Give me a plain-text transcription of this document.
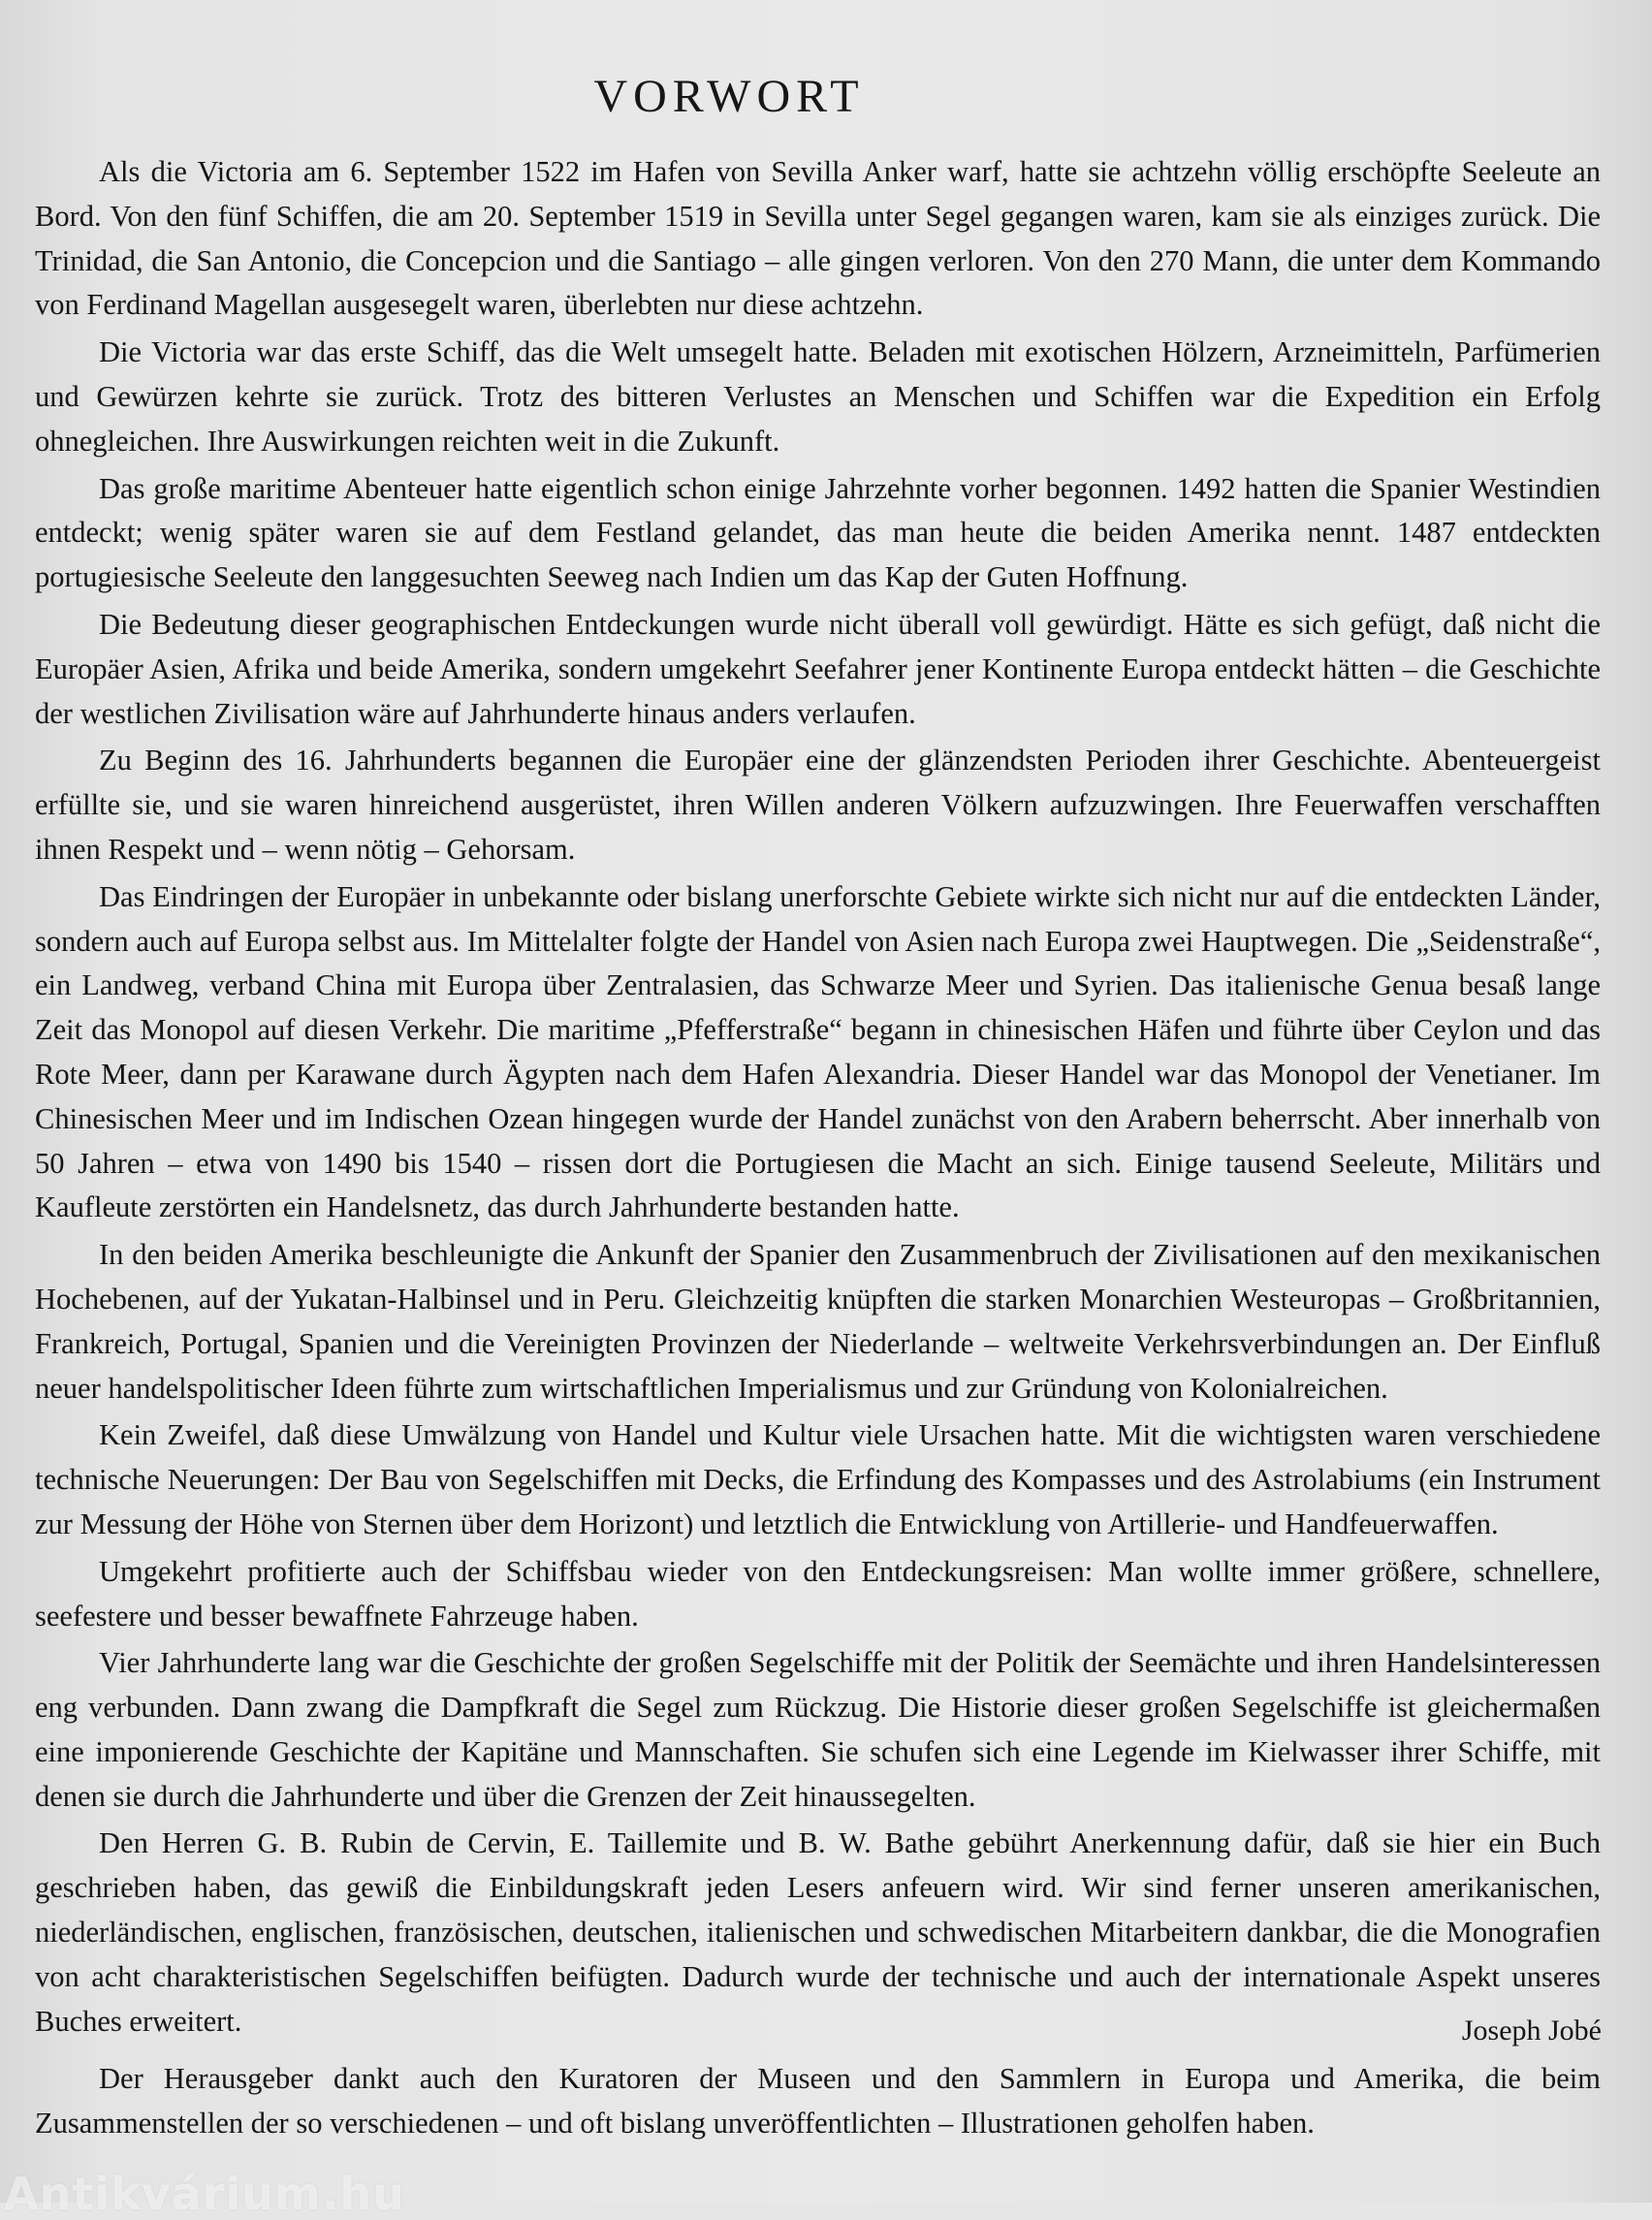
VORWORT

Als die Victoria am 6. September 1522 im Hafen von Sevilla Anker warf, hatte sie achtzehn völlig erschöpfte Seeleute an Bord. Von den fünf Schiffen, die am 20. September 1519 in Sevilla unter Segel gegangen waren, kam sie als einziges zurück. Die Trinidad, die San Antonio, die Concepcion und die Santiago – alle gingen verloren. Von den 270 Mann, die unter dem Kommando von Ferdinand Magellan ausgesegelt waren, überlebten nur diese achtzehn.

Die Victoria war das erste Schiff, das die Welt umsegelt hatte. Beladen mit exotischen Hölzern, Arzneimitteln, Parfümerien und Gewürzen kehrte sie zurück. Trotz des bitteren Verlustes an Menschen und Schiffen war die Expedition ein Erfolg ohnegleichen. Ihre Auswirkungen reichten weit in die Zukunft.

Das große maritime Abenteuer hatte eigentlich schon einige Jahrzehnte vorher begonnen. 1492 hatten die Spanier Westindien entdeckt; wenig später waren sie auf dem Festland gelandet, das man heute die beiden Amerika nennt. 1487 entdeckten portugiesische Seeleute den langgesuchten Seeweg nach Indien um das Kap der Guten Hoffnung.

Die Bedeutung dieser geographischen Entdeckungen wurde nicht überall voll gewürdigt. Hätte es sich gefügt, daß nicht die Europäer Asien, Afrika und beide Amerika, sondern umgekehrt Seefahrer jener Kontinente Europa entdeckt hätten – die Geschichte der westlichen Zivilisation wäre auf Jahrhunderte hinaus anders verlaufen.

Zu Beginn des 16. Jahrhunderts begannen die Europäer eine der glänzendsten Perioden ihrer Geschichte. Abenteuergeist erfüllte sie, und sie waren hinreichend ausgerüstet, ihren Willen anderen Völkern aufzuzwingen. Ihre Feuerwaffen verschafften ihnen Respekt und – wenn nötig – Gehorsam.

Das Eindringen der Europäer in unbekannte oder bislang unerforschte Gebiete wirkte sich nicht nur auf die entdeckten Länder, sondern auch auf Europa selbst aus. Im Mittelalter folgte der Handel von Asien nach Europa zwei Hauptwegen. Die „Seidenstraße“, ein Landweg, verband China mit Europa über Zentralasien, das Schwarze Meer und Syrien. Das italienische Genua besaß lange Zeit das Monopol auf diesen Verkehr. Die maritime „Pfefferstraße“ begann in chinesischen Häfen und führte über Ceylon und das Rote Meer, dann per Karawane durch Ägypten nach dem Hafen Alexandria. Dieser Handel war das Monopol der Venetianer. Im Chinesischen Meer und im Indischen Ozean hingegen wurde der Handel zunächst von den Arabern beherrscht. Aber innerhalb von 50 Jahren – etwa von 1490 bis 1540 – rissen dort die Portugiesen die Macht an sich. Einige tausend Seeleute, Militärs und Kaufleute zerstörten ein Handelsnetz, das durch Jahrhunderte bestanden hatte.

In den beiden Amerika beschleunigte die Ankunft der Spanier den Zusammenbruch der Zivilisationen auf den mexikanischen Hochebenen, auf der Yukatan-Halbinsel und in Peru. Gleichzeitig knüpften die starken Monarchien Westeuropas – Großbritannien, Frankreich, Portugal, Spanien und die Vereinigten Provinzen der Niederlande – weltweite Verkehrsverbindungen an. Der Einfluß neuer handelspolitischer Ideen führte zum wirtschaftlichen Imperialismus und zur Gründung von Kolonialreichen.

Kein Zweifel, daß diese Umwälzung von Handel und Kultur viele Ursachen hatte. Mit die wichtigsten waren verschiedene technische Neuerungen: Der Bau von Segelschiffen mit Decks, die Erfindung des Kompasses und des Astrolabiums (ein Instrument zur Messung der Höhe von Sternen über dem Horizont) und letztlich die Entwicklung von Artillerie- und Handfeuerwaffen.

Umgekehrt profitierte auch der Schiffsbau wieder von den Entdeckungsreisen: Man wollte immer größere, schnellere, seefestere und besser bewaffnete Fahrzeuge haben.

Vier Jahrhunderte lang war die Geschichte der großen Segelschiffe mit der Politik der Seemächte und ihren Handelsinteressen eng verbunden. Dann zwang die Dampfkraft die Segel zum Rückzug. Die Historie dieser großen Segelschiffe ist gleichermaßen eine imponierende Geschichte der Kapitäne und Mannschaften. Sie schufen sich eine Legende im Kielwasser ihrer Schiffe, mit denen sie durch die Jahrhunderte und über die Grenzen der Zeit hinaussegelten.

Den Herren G. B. Rubin de Cervin, E. Taillemite und B. W. Bathe gebührt Anerkennung dafür, daß sie hier ein Buch geschrieben haben, das gewiß die Einbildungskraft jeden Lesers anfeuern wird. Wir sind ferner unseren amerikanischen, niederländischen, englischen, französischen, deutschen, italienischen und schwedischen Mitarbeitern dankbar, die die Monografien von acht charakteristischen Segelschiffen beifügten. Dadurch wurde der technische und auch der internationale Aspekt unseres Buches erweitert.

Der Herausgeber dankt auch den Kuratoren der Museen und den Sammlern in Europa und Amerika, die beim Zusammenstellen der so verschiedenen – und oft bislang unveröffentlichten – Illustrationen geholfen haben.

Joseph Jobé

Antikvárium.hu
